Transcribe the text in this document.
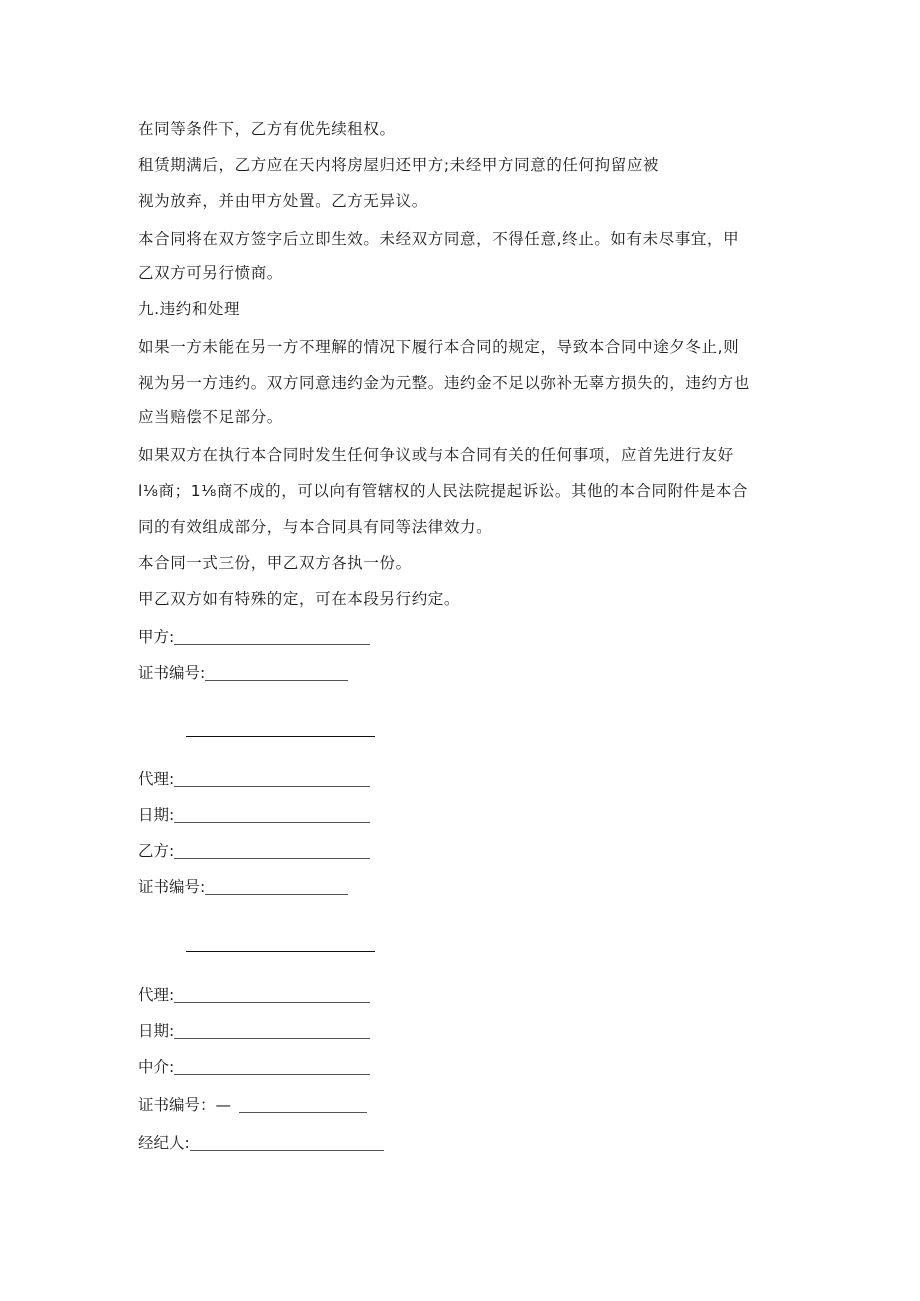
在同等条件下，乙方有优先续租权。
租赁期满后，乙方应在天内将房屋归还甲方;未经甲方同意的任何拘留应被
视为放弃，并由甲方处置。乙方无异议。
本合同将在双方签字后立即生效。未经双方同意，不得任意,终止。如有未尽事宜，甲
乙双方可另行愤商。
九.违约和处理
如果一方未能在另一方不理解的情况下履行本合同的规定，导致本合同中途夕冬止,则
视为另一方违约。双方同意违约金为元整。违约金不足以弥补无辜方损失的，违约方也
应当赔偿不足部分。
如果双方在执行本合同时发生任何争议或与本合同有关的任何事项，应首先进行友好
l⅛商；1⅛商不成的，可以向有管辖权的人民法院提起诉讼。其他的本合同附件是本合
同的有效组成部分，与本合同具有同等法律效力。
本合同一式三份，甲乙双方各执一份。
甲乙双方如有特殊的定，可在本段另行约定。
甲方:
证书编号:
代理:
日期:
乙方:
证书编号:
代理:
日期:
中介:
证书编号：—
经纪人:
